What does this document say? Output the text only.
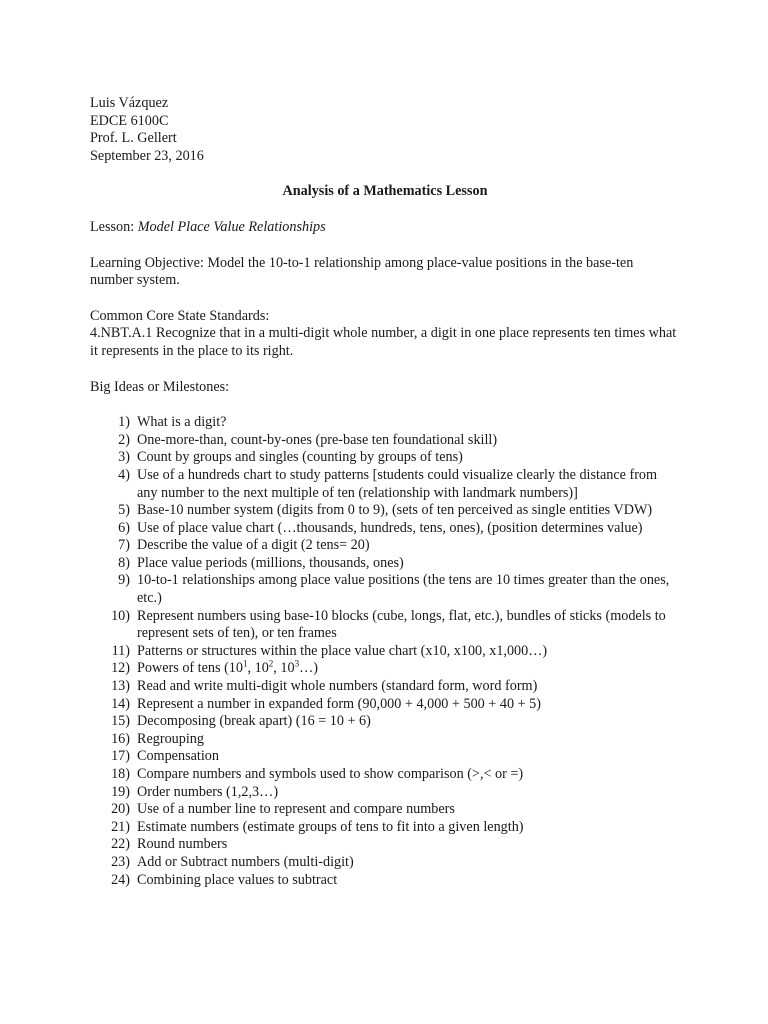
Luis Vázquez
EDCE 6100C
Prof. L. Gellert
September 23, 2016
Analysis of a Mathematics Lesson
Lesson: Model Place Value Relationships
Learning Objective: Model the 10-to-1 relationship among place-value positions in the base-ten number system.
Common Core State Standards:
4.NBT.A.1 Recognize that in a multi-digit whole number, a digit in one place represents ten times what it represents in the place to its right.
Big Ideas or Milestones:
1) What is a digit?
2) One-more-than, count-by-ones (pre-base ten foundational skill)
3) Count by groups and singles (counting by groups of tens)
4) Use of a hundreds chart to study patterns [students could visualize clearly the distance from any number to the next multiple of ten (relationship with landmark numbers)]
5) Base-10 number system (digits from 0 to 9), (sets of ten perceived as single entities VDW)
6) Use of place value chart (…thousands, hundreds, tens, ones), (position determines value)
7) Describe the value of a digit (2 tens= 20)
8) Place value periods (millions, thousands, ones)
9) 10-to-1 relationships among place value positions (the tens are 10 times greater than the ones, etc.)
10) Represent numbers using base-10 blocks (cube, longs, flat, etc.), bundles of sticks (models to represent sets of ten), or ten frames
11) Patterns or structures within the place value chart (x10, x100, x1,000…)
12) Powers of tens ($10^1$, $10^2$, $10^3\dots$)
13) Read and write multi-digit whole numbers (standard form, word form)
14) Represent a number in expanded form (90,000 + 4,000 + 500 + 40 + 5)
15) Decomposing (break apart) (16 = 10 + 6)
16) Regrouping
17) Compensation
18) Compare numbers and symbols used to show comparison (>,< or =)
19) Order numbers (1,2,3…)
20) Use of a number line to represent and compare numbers
21) Estimate numbers (estimate groups of tens to fit into a given length)
22) Round numbers
23) Add or Subtract numbers (multi-digit)
24) Combining place values to subtract
